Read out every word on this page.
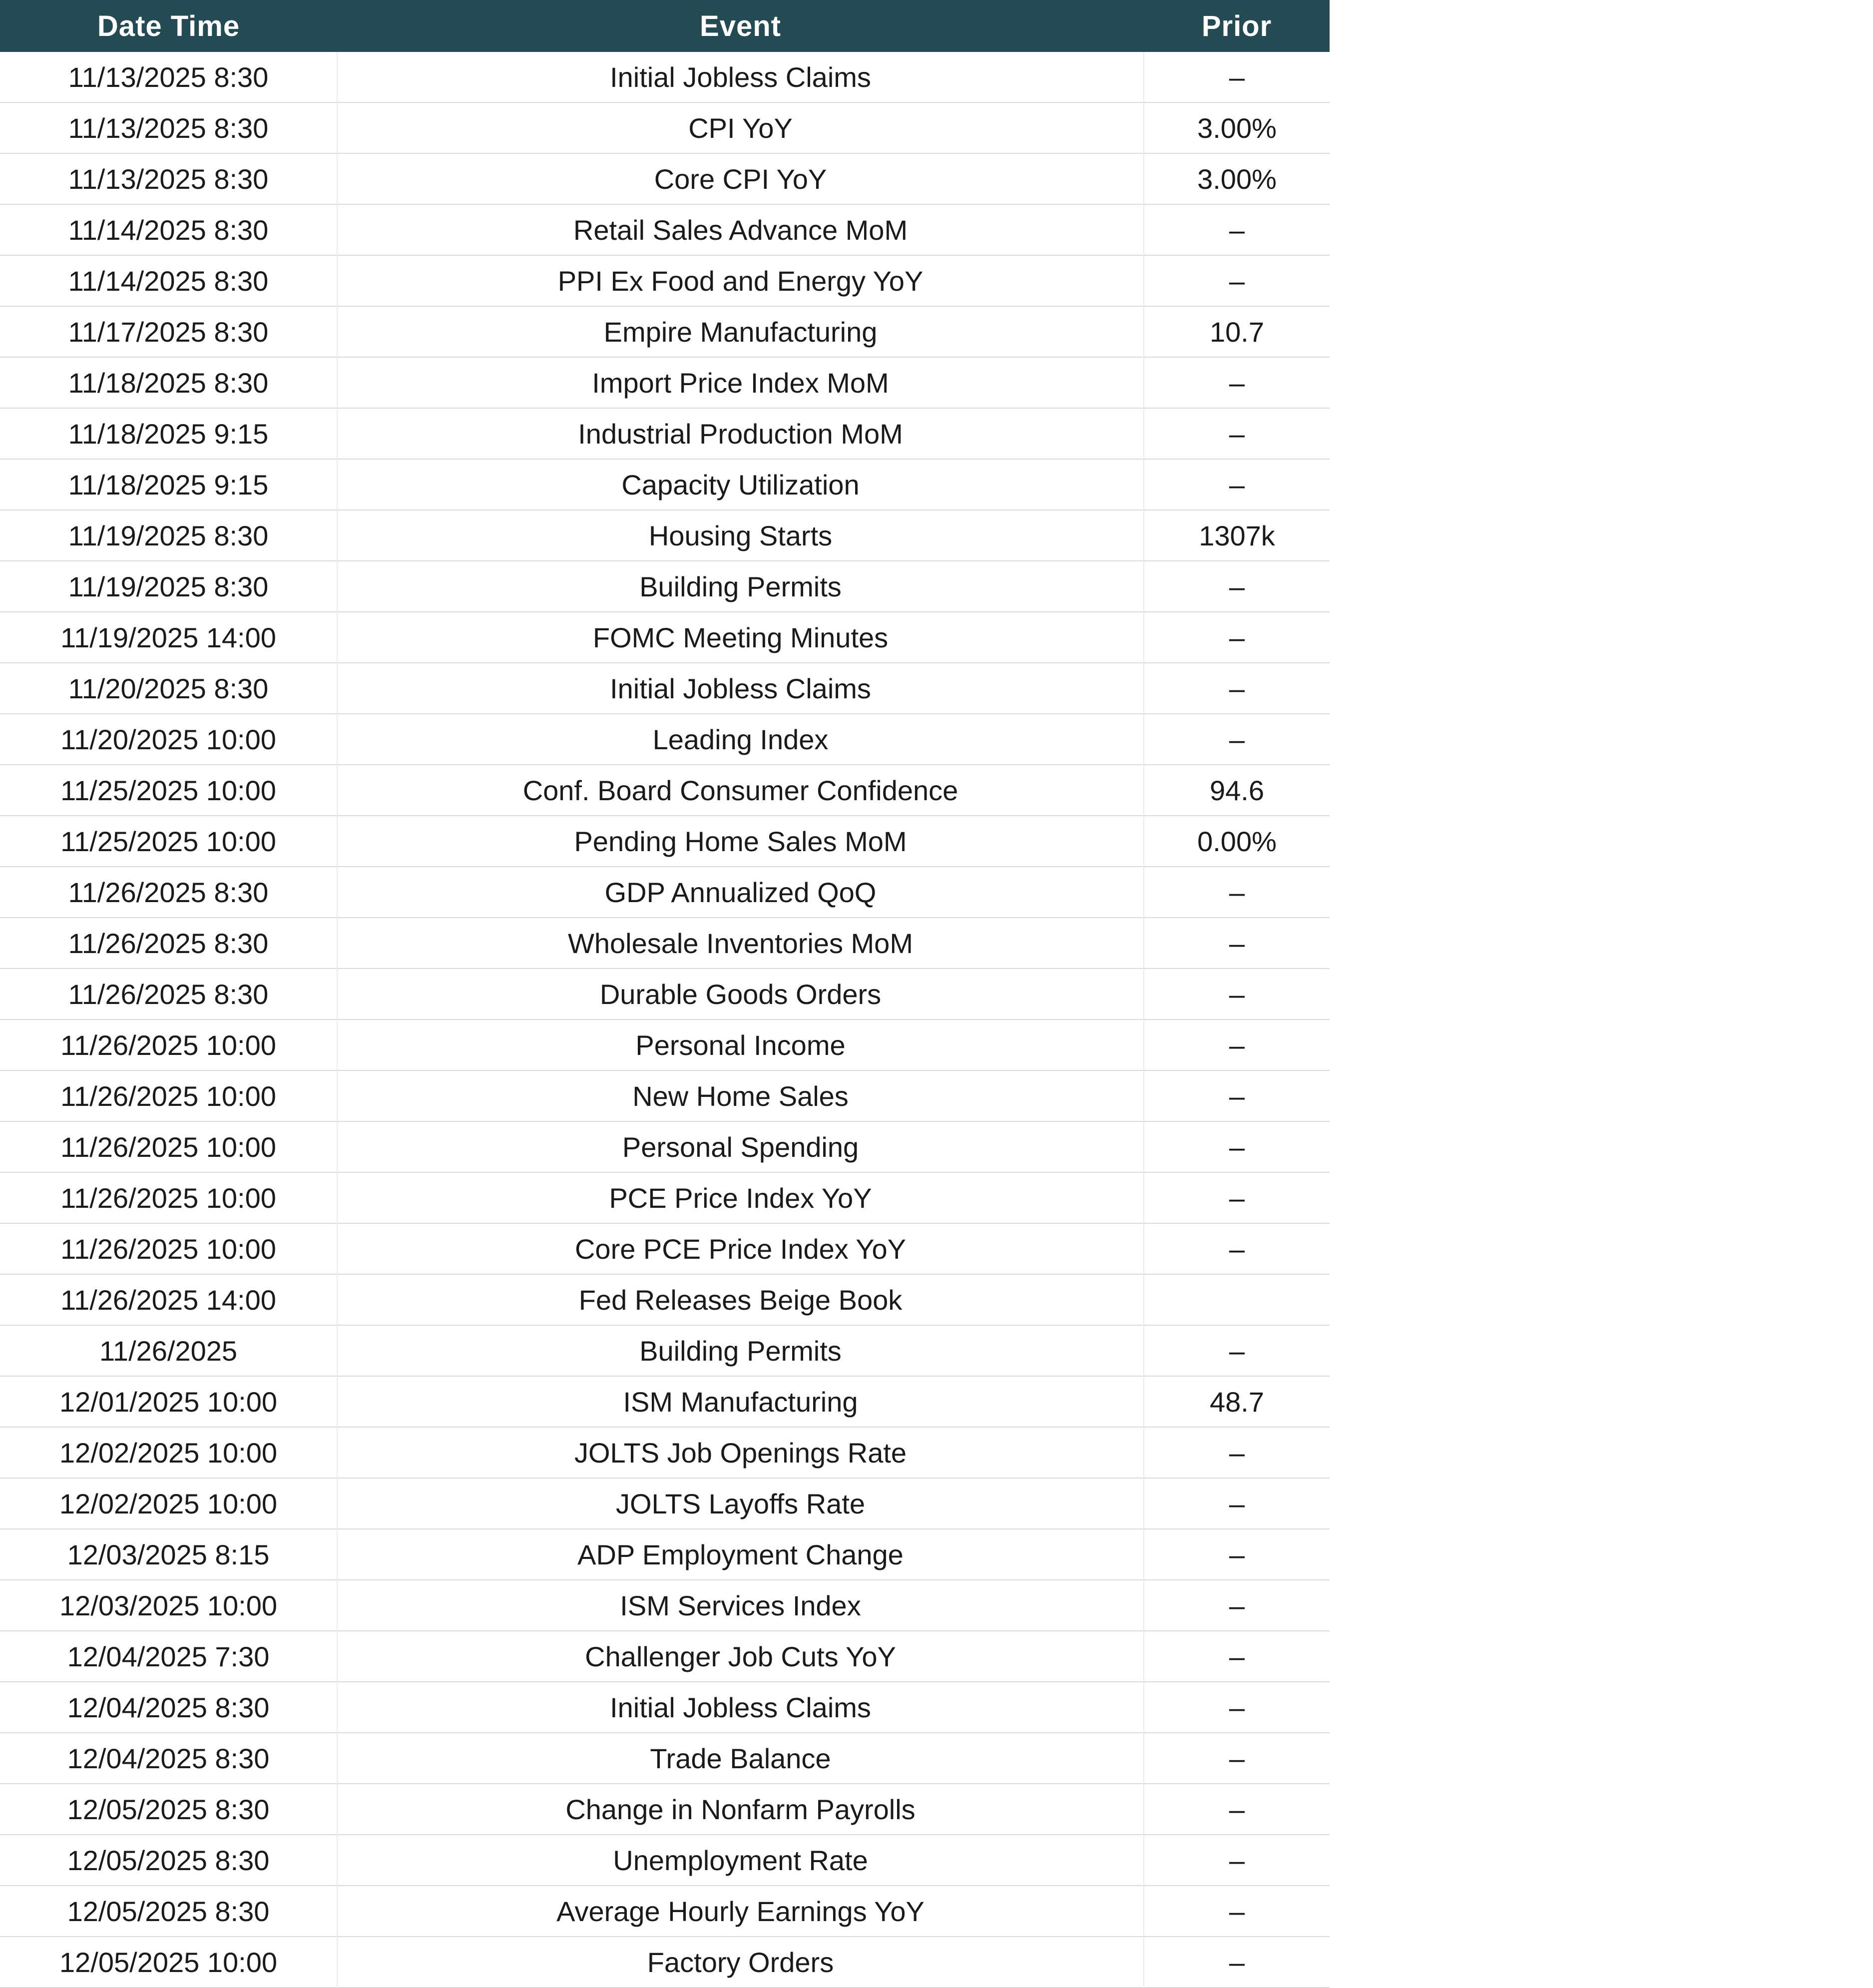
Date Time	Event	Prior
11/13/2025 8:30	Initial Jobless Claims	–
11/13/2025 8:30	CPI YoY	3.00%
11/13/2025 8:30	Core CPI YoY	3.00%
11/14/2025 8:30	Retail Sales Advance MoM	–
11/14/2025 8:30	PPI Ex Food and Energy YoY	–
11/17/2025 8:30	Empire Manufacturing	10.7
11/18/2025 8:30	Import Price Index MoM	–
11/18/2025 9:15	Industrial Production MoM	–
11/18/2025 9:15	Capacity Utilization	–
11/19/2025 8:30	Housing Starts	1307k
11/19/2025 8:30	Building Permits	–
11/19/2025 14:00	FOMC Meeting Minutes	–
11/20/2025 8:30	Initial Jobless Claims	–
11/20/2025 10:00	Leading Index	–
11/25/2025 10:00	Conf. Board Consumer Confidence	94.6
11/25/2025 10:00	Pending Home Sales MoM	0.00%
11/26/2025 8:30	GDP Annualized QoQ	–
11/26/2025 8:30	Wholesale Inventories MoM	–
11/26/2025 8:30	Durable Goods Orders	–
11/26/2025 10:00	Personal Income	–
11/26/2025 10:00	New Home Sales	–
11/26/2025 10:00	Personal Spending	–
11/26/2025 10:00	PCE Price Index YoY	–
11/26/2025 10:00	Core PCE Price Index YoY	–
11/26/2025 14:00	Fed Releases Beige Book	
11/26/2025	Building Permits	–
12/01/2025 10:00	ISM Manufacturing	48.7
12/02/2025 10:00	JOLTS Job Openings Rate	–
12/02/2025 10:00	JOLTS Layoffs Rate	–
12/03/2025 8:15	ADP Employment Change	–
12/03/2025 10:00	ISM Services Index	–
12/04/2025 7:30	Challenger Job Cuts YoY	–
12/04/2025 8:30	Initial Jobless Claims	–
12/04/2025 8:30	Trade Balance	–
12/05/2025 8:30	Change in Nonfarm Payrolls	–
12/05/2025 8:30	Unemployment Rate	–
12/05/2025 8:30	Average Hourly Earnings YoY	–
12/05/2025 10:00	Factory Orders	–
